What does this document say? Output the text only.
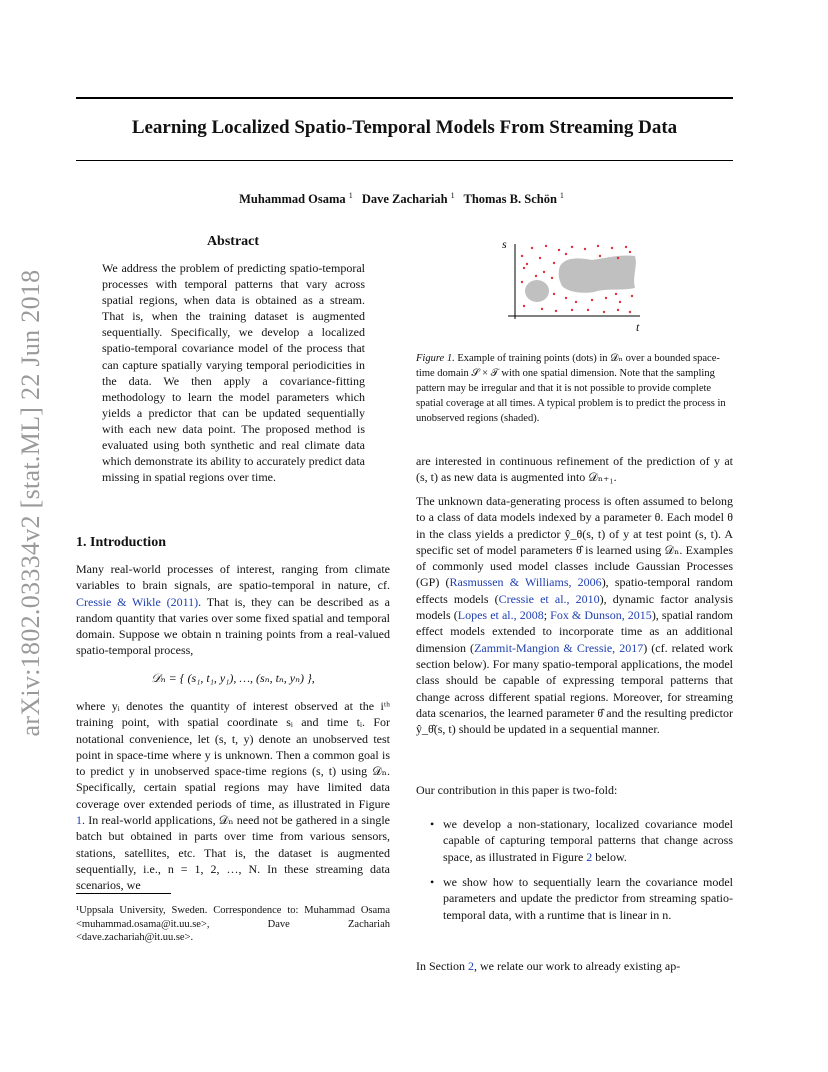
Learning Localized Spatio-Temporal Models From Streaming Data
Muhammad Osama $^1$ Dave Zachariah $^1$ Thomas B. Schön $^1$
arXiv:1802.03334v2 [stat.ML] 22 Jun 2018
Abstract
We address the problem of predicting spatio-temporal processes with temporal patterns that vary across spatial regions, when data is obtained as a stream. That is, when the training dataset is augmented sequentially. Specifically, we develop a localized spatio-temporal covariance model of the process that can capture spatially varying temporal periodicities in the data. We then apply a covariance-fitting methodology to learn the model parameters which yields a predictor that can be updated sequentially with each new data point. The proposed method is evaluated using both synthetic and real climate data which demonstrate its ability to accurately predict data missing in spatial regions over time.
1. Introduction
Many real-world processes of interest, ranging from climate variables to brain signals, are spatio-temporal in nature, cf. Cressie & Wikle (2011). That is, they can be described as a random quantity that varies over some fixed spatial and temporal domain. Suppose we obtain n training points from a real-valued spatio-temporal process,
𝒟ₙ = { (s₁, t₁, y₁), …, (sₙ, tₙ, yₙ) },
where yᵢ denotes the quantity of interest observed at the iᵗʰ training point, with spatial coordinate sᵢ and time tᵢ. For notational convenience, let (s, t, y) denote an unobserved test point in space-time where y is unknown. Then a common goal is to predict y in unobserved space-time regions (s, t) using 𝒟ₙ. Specifically, certain spatial regions may have limited data coverage over extended periods of time, as illustrated in Figure 1. In real-world applications, 𝒟ₙ need not be gathered in a single batch but obtained in parts over time from various sensors, stations, satellites, etc. That is, the dataset is augmented sequentially, i.e., n = 1, 2, …, N. In these streaming data scenarios, we
¹Uppsala University, Sweden. Correspondence to: Muhammad Osama <muhammad.osama@it.uu.se>, Dave Zachariah <dave.zachariah@it.uu.se>.
s
t
Figure 1. Example of training points (dots) in 𝒟ₙ over a bounded space-time domain 𝒮 × 𝒯 with one spatial dimension. Note that the sampling pattern may be irregular and that it is not possible to provide complete spatial coverage at all times. A typical problem is to predict the process in unobserved regions (shaded).
are interested in continuous refinement of the prediction of y at (s, t) as new data is augmented into 𝒟ₙ₊₁.
The unknown data-generating process is often assumed to belong to a class of data models indexed by a parameter θ. Each model θ in the class yields a predictor ŷ_θ(s, t) of y at test point (s, t). A specific set of model parameters θ̂ is learned using 𝒟ₙ. Examples of commonly used model classes include Gaussian Processes (GP) (Rasmussen & Williams, 2006), spatio-temporal random effects models (Cressie et al., 2010), dynamic factor analysis models (Lopes et al., 2008; Fox & Dunson, 2015), spatial random effect models extended to incorporate time as an additional dimension (Zammit-Mangion & Cressie, 2017) (cf. related work section below). For many spatio-temporal applications, the model class should be capable of expressing temporal patterns that change across different spatial regions. Moreover, for streaming data scenarios, the learned parameter θ̂ and the resulting predictor ŷ_θ̂(s, t) should be updated in a sequential manner.
Our contribution in this paper is two-fold:
• we develop a non-stationary, localized covariance model capable of capturing temporal patterns that change across space, as illustrated in Figure 2 below.
• we show how to sequentially learn the covariance model parameters and update the predictor from streaming spatio-temporal data, with a runtime that is linear in n.
In Section 2, we relate our work to already existing ap-
